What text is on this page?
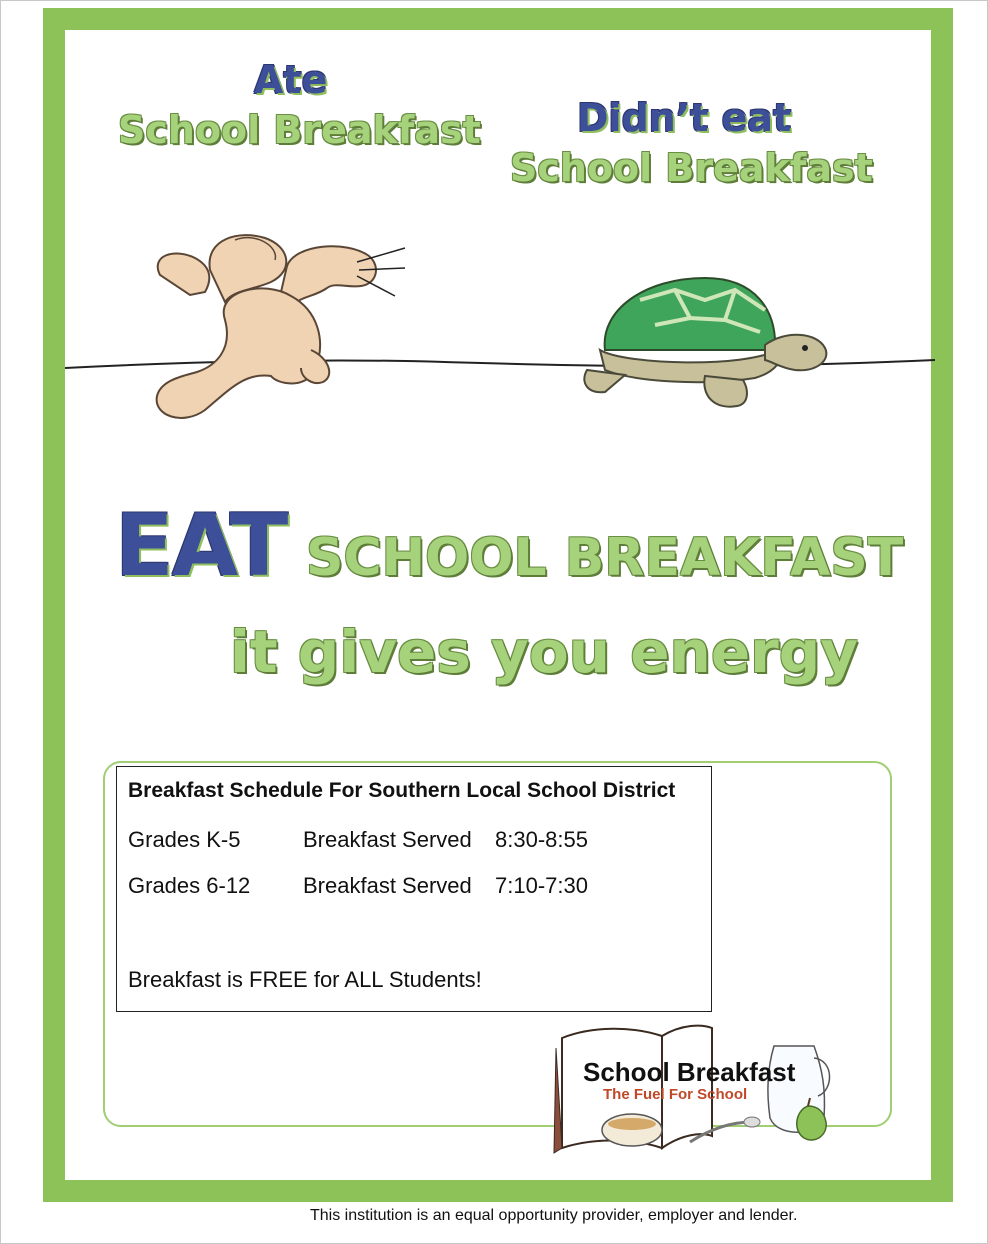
Ate
School Breakfast	Didn’t eat
School Breakfast
EAT SCHOOL BREAKFAST
it gives you energy
Breakfast Schedule For Southern Local School District
Grades K-5	Breakfast Served 8:30-8:55
Grades 6-12 Breakfast Served 7:10-7:30
Breakfast is FREE for ALL Students!
School Breakfast
The Fuel For School
This institution is an equal opportunity provider, employer and lender.
